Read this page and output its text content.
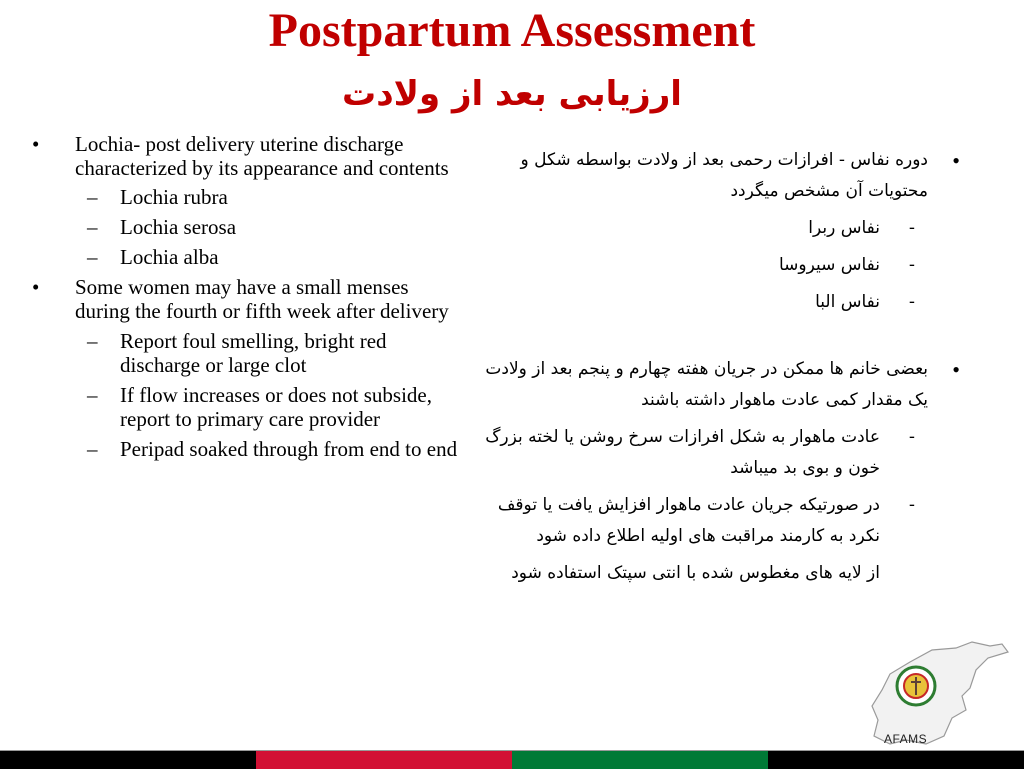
Postpartum Assessment
ارزیابی بعد از ولادت
• Lochia- post delivery uterine discharge characterized by its appearance and contents
– Lochia rubra
– Lochia serosa
– Lochia alba
• Some women may have a small menses during the fourth or fifth week after delivery
– Report foul smelling, bright red discharge or large clot
– If flow increases or does not subside, report to primary care provider
– Peripad soaked through from end to end
•
دوره نفاس - افرازات رحمی بعد از ولادت بواسطه شکل و محتویات آن مشخص میگردد
-
نفاس ربرا
-
نفاس سیروسا
-
نفاس البا
•
بعضی خانم ها ممکن در جریان هفته چهارم و پنجم بعد از ولادت یک مقدار کمی عادت ماهوار داشته باشند
-
عادت ماهوار به شکل افرازات سرخ روشن یا لخته بزرگ خون و بوی بد میباشد
-
در صورتیکه جریان عادت ماهوار افزایش یافت یا توقف نکرد به کارمند مراقبت های اولیه اطلاع داده شود
از لایه های مغطوس شده با انتی سپتک استفاده شود
AFAMS
